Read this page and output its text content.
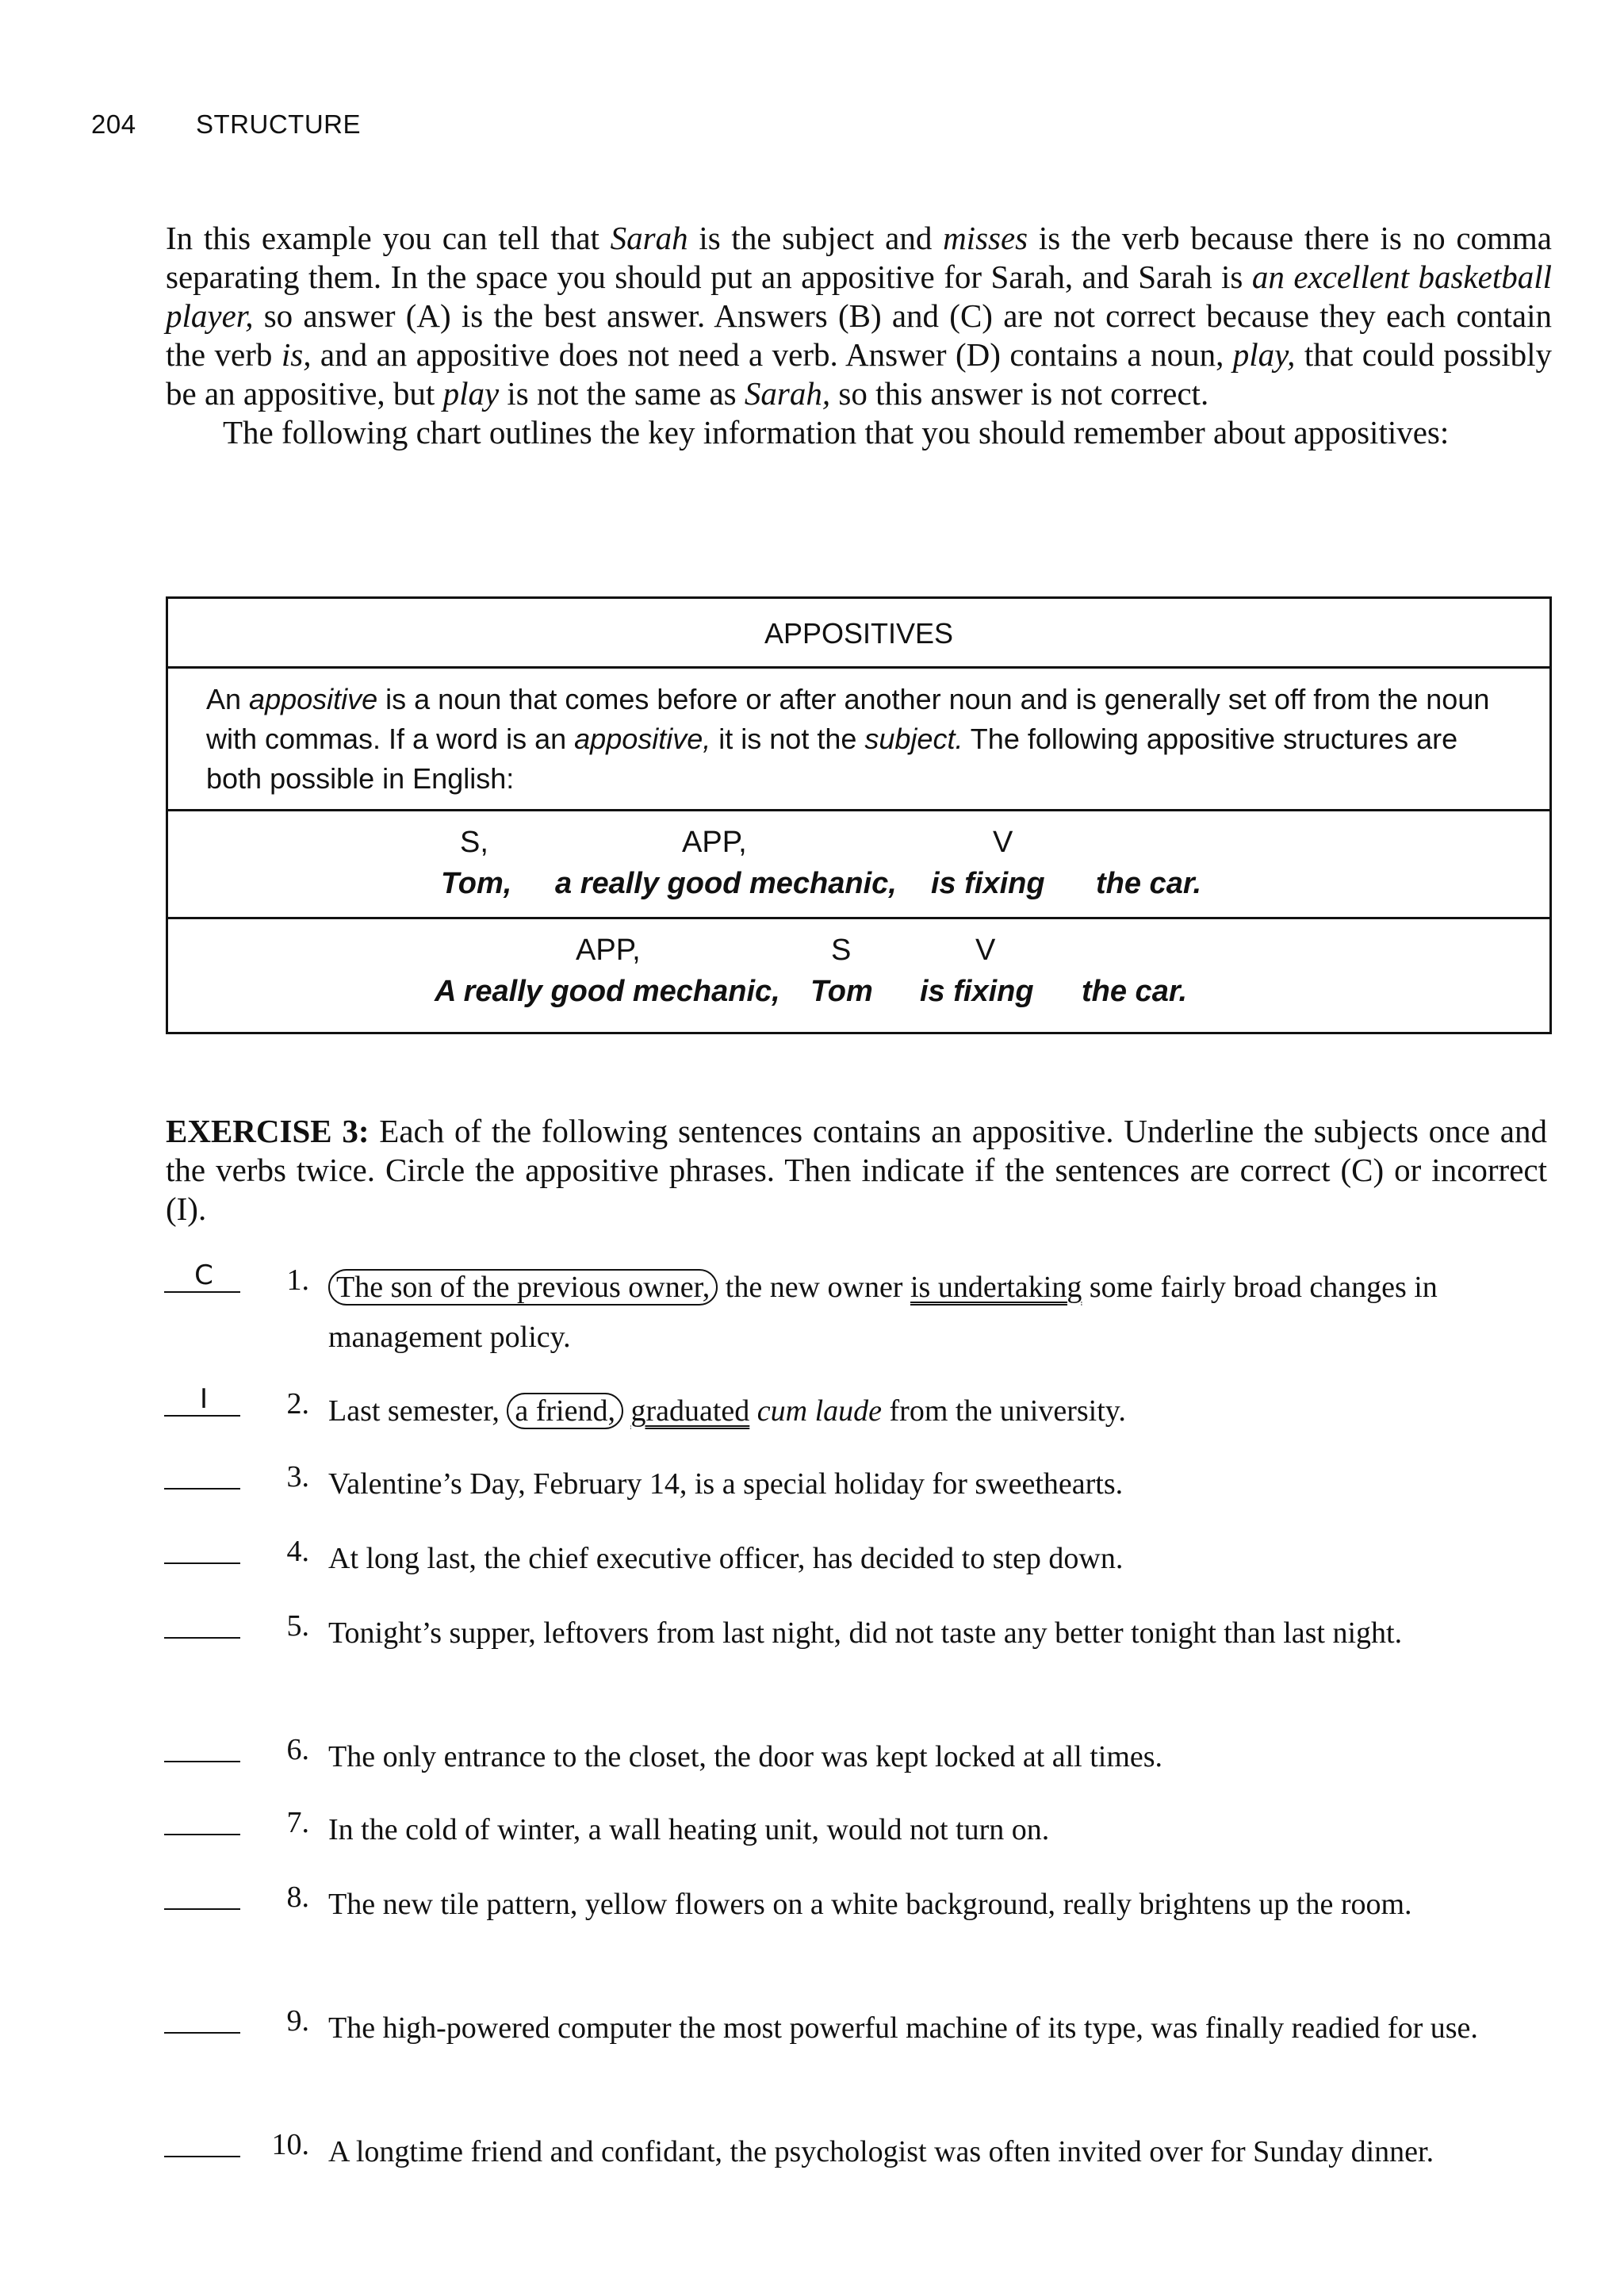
204 STRUCTURE

In this example you can tell that Sarah is the subject and misses is the verb because there is no comma separating them. In the space you should put an appositive for Sarah, and Sarah is an excellent basketball player, so answer (A) is the best answer. Answers (B) and (C) are not correct because they each contain the verb is, and an appositive does not need a verb. Answer (D) contains a noun, play, that could possibly be an appositive, but play is not the same as Sarah, so this answer is not correct.

The following chart outlines the key information that you should remember about appositives:

APPOSITIVES
An appositive is a noun that comes before or after another noun and is generally set off from the noun with commas. If a word is an appositive, it is not the subject. The following appositive structures are both possible in English:
S,	APP,	V
Tom, a really good mechanic, is fixing the car.
APP,	S	V
A really good mechanic, Tom is fixing the car.
EXERCISE 3: Each of the following sentences contains an appositive. Underline the subjects once and the verbs twice. Circle the appositive phrases. Then indicate if the sentences are correct (C) or incorrect (I).
C	1. The son of the previous owner, the new owner is undertaking some fairly broad changes in management policy.
I	2. Last semester, a friend, graduated cum laude from the university.
3. Valentine’s Day, February 14, is a special holiday for sweethearts.
4. At long last, the chief executive officer, has decided to step down.
5. Tonight’s supper, leftovers from last night, did not taste any better tonight than last night.
6. The only entrance to the closet, the door was kept locked at all times.
7. In the cold of winter, a wall heating unit, would not turn on.
8. The new tile pattern, yellow flowers on a white background, really brightens up the room.
9. The high-powered computer the most powerful machine of its type, was finally readied for use.
10. A longtime friend and confidant, the psychologist was often invited over for Sunday dinner.
